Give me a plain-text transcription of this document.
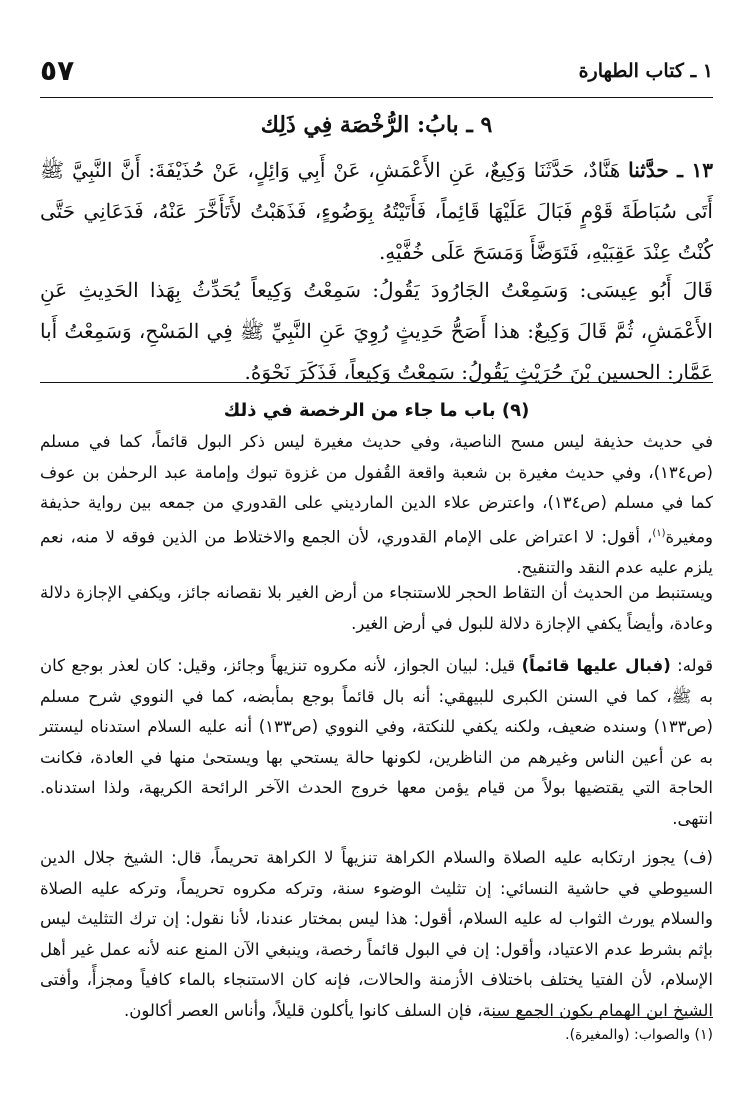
١ ـ كتاب الطهارة
٥٧
٩ ـ بابُ: الرُّخْصَة فِي ذَلِك
١٣ ـ حدَّثنا هَنَّادٌ، حَدَّثَنَا وَكِيعٌ، عَنِ الأَعْمَشِ، عَنْ أَبِي وَائِلٍ، عَنْ حُذَيْفَةَ: أَنَّ النَّبِيَّ ﷺ أَتَى سُبَاطَةَ قَوْمٍ فَبَالَ عَلَيْهَا قَائِماً، فَأَتَيْتُهُ بِوَضُوءٍ، فَذَهَبْتُ لأَتَأَخَّرَ عَنْهُ، فَدَعَانِي حَتَّى كُنْتُ عِنْدَ عَقِبَيْهِ، فَتَوَضَّأَ وَمَسَحَ عَلَى خُفَّيْهِ.
قَالَ أَبُو عِيسَى: وَسَمِعْتُ الجَارُودَ يَقُولُ: سَمِعْتُ وَكِيعاً يُحَدِّثُ بِهَذا الحَدِيثِ عَنِ الأَعْمَشِ، ثُمَّ قَالَ وَكِيعٌ: هذا أَصَحُّ حَدِيثٍ رُوِيَ عَنِ النَّبِيِّ ﷺ فِي المَسْحِ، وَسَمِعْتُ أَبا عَمَّار: الحسين بْنَ حُرَيْثٍ يَقُولُ: سَمِعْتُ وَكِيعاً، فَذَكَرَ نَحْوَهُ.
(٩) باب ما جاء من الرخصة في ذلك
في حديث حذيفة ليس مسح الناصية، وفي حديث مغيرة ليس ذكر البول قائماً، كما في مسلم (ص١٣٤)، وفي حديث مغيرة بن شعبة واقعة القُفول من غزوة تبوك وإمامة عبد الرحمٰن بن عوف كما في مسلم (ص١٣٤)، واعترض علاء الدين المارديني على القدوري من جمعه بين رواية حذيفة ومغيرة$^{(١)}$، أقول: لا اعتراض على الإمام القدوري، لأن الجمع والاختلاط من الذين فوقه لا منه، نعم يلزم عليه عدم النقد والتنقيح.
ويستنبط من الحديث أن التقاط الحجر للاستنجاء من أرض الغير بلا نقصانه جائز، ويكفي الإجازة دلالة وعادة، وأيضاً يكفي الإجازة دلالة للبول في أرض الغير.
قوله: (فبال عليها قائماً) قيل: لبيان الجواز، لأنه مكروه تنزيهاً وجائز، وقيل: كان لعذر بوجع كان به ﷺ، كما في السنن الكبرى للبيهقي: أنه بال قائماً بوجع بمأبضه، كما في النووي شرح مسلم (ص١٣٣) وسنده ضعيف، ولكنه يكفي للنكتة، وفي النووي (ص١٣٣) أنه عليه السلام استدناه ليستتر به عن أعين الناس وغيرهم من الناظرين، لكونها حالة يستحي بها ويستحىٰ منها في العادة، فكانت الحاجة التي يقتضيها بولاً من قيام يؤمن معها خروج الحدث الآخر الرائحة الكريهة، ولذا استدناه. انتهى.
(ف) يجوز ارتكابه عليه الصلاة والسلام الكراهة تنزيهاً لا الكراهة تحريماً، قال: الشيخ جلال الدين السيوطي في حاشية النسائي: إن تثليث الوضوء سنة، وتركه مكروه تحريماً، وتركه عليه الصلاة والسلام يورث الثواب له عليه السلام، أقول: هذا ليس بمختار عندنا، لأنا نقول: إن ترك التثليث ليس بإثم بشرط عدم الاعتياد، وأقول: إن في البول قائماً رخصة، وينبغي الآن المنع عنه لأنه عمل غير أهل الإسلام، لأن الفتيا يختلف باختلاف الأزمنة والحالات، فإنه كان الاستنجاء بالماء كافياً ومجزأً، وأفتى الشيخ ابن الهمام بكون الجمع سنة، فإن السلف كانوا يأكلون قليلاً، وأناس العصر أكالون.
(١) والصواب: (والمغيرة).
